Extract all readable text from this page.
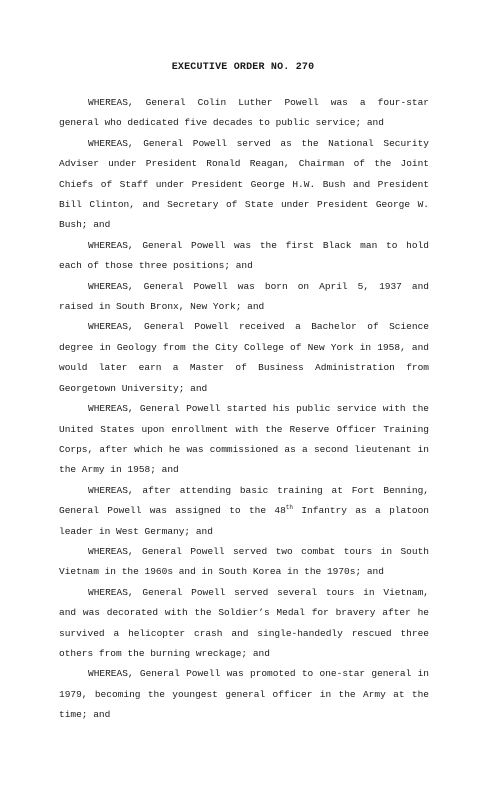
EXECUTIVE ORDER NO. 270

WHEREAS, General Colin Luther Powell was a four-star general who dedicated five decades to public service; and

WHEREAS, General Powell served as the National Security Adviser under President Ronald Reagan, Chairman of the Joint Chiefs of Staff under President George H.W. Bush and President Bill Clinton, and Secretary of State under President George W. Bush; and

WHEREAS, General Powell was the first Black man to hold each of those three positions; and

WHEREAS, General Powell was born on April 5, 1937 and raised in South Bronx, New York; and

WHEREAS, General Powell received a Bachelor of Science degree in Geology from the City College of New York in 1958, and would later earn a Master of Business Administration from Georgetown University; and

WHEREAS, General Powell started his public service with the United States upon enrollment with the Reserve Officer Training Corps, after which he was commissioned as a second lieutenant in the Army in 1958; and

WHEREAS, after attending basic training at Fort Benning, General Powell was assigned to the 48th Infantry as a platoon leader in West Germany; and

WHEREAS, General Powell served two combat tours in South Vietnam in the 1960s and in South Korea in the 1970s; and

WHEREAS, General Powell served several tours in Vietnam, and was decorated with the Soldier’s Medal for bravery after he survived a helicopter crash and single-handedly rescued three others from the burning wreckage; and

WHEREAS, General Powell was promoted to one-star general in 1979, becoming the youngest general officer in the Army at the time; and
